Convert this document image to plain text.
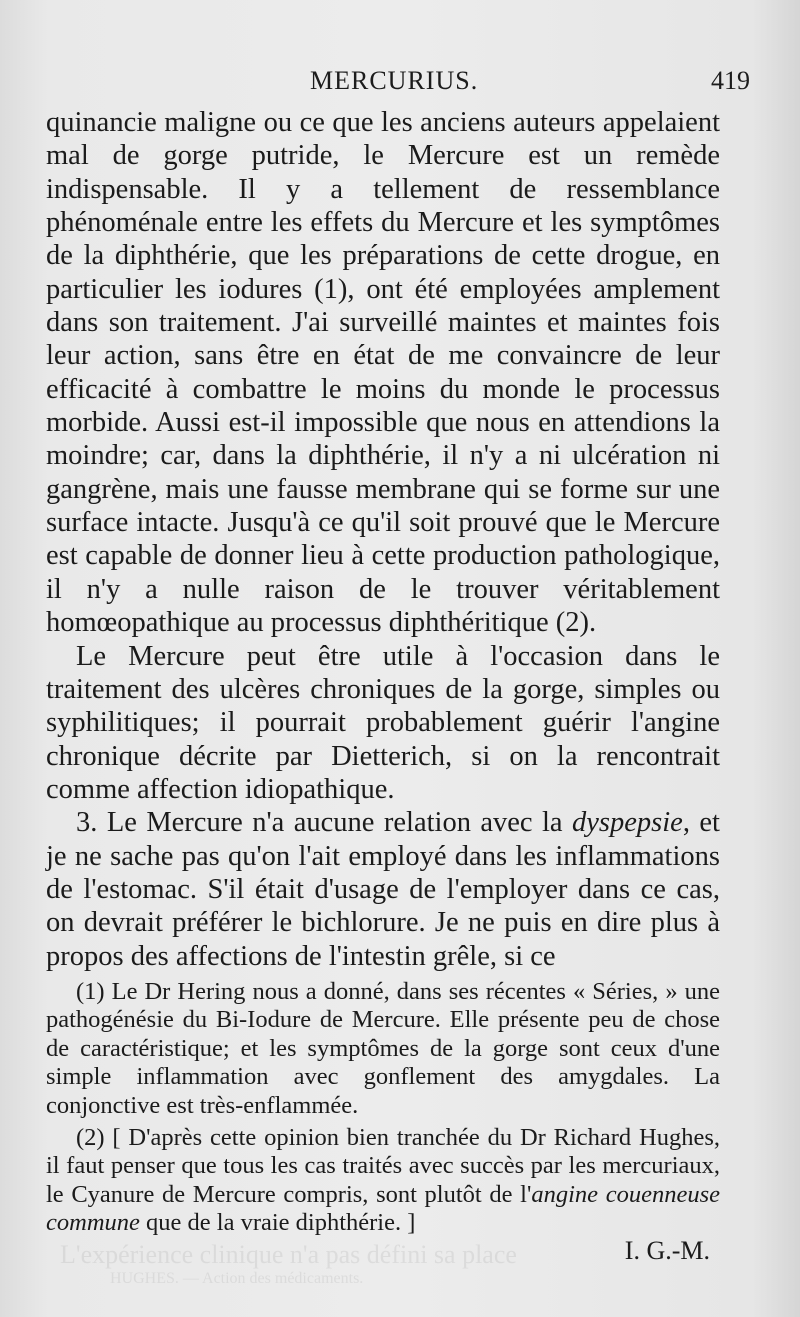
L'expérience clinique n'a pas défini sa place
HUGHES. — Action des médicaments.
MERCURIUS.	419

quinancie maligne ou ce que les anciens auteurs appelaient mal de gorge putride, le Mercure est un remède indispensable. Il y a tellement de ressemblance phénoménale entre les effets du Mercure et les symptômes de la diphthérie, que les préparations de cette drogue, en particulier les iodures (1), ont été employées amplement dans son traitement. J'ai surveillé maintes et maintes fois leur action, sans être en état de me convaincre de leur efficacité à combattre le moins du monde le processus morbide. Aussi est-il impossible que nous en attendions la moindre; car, dans la diphthérie, il n'y a ni ulcération ni gangrène, mais une fausse membrane qui se forme sur une surface intacte. Jusqu'à ce qu'il soit prouvé que le Mercure est capable de donner lieu à cette production pathologique, il n'y a nulle raison de le trouver véritablement homœopathique au processus diphthéritique (2).

Le Mercure peut être utile à l'occasion dans le traitement des ulcères chroniques de la gorge, simples ou syphilitiques; il pourrait probablement guérir l'angine chronique décrite par Dietterich, si on la rencontrait comme affection idiopathique.

3. Le Mercure n'a aucune relation avec la dyspepsie, et je ne sache pas qu'on l'ait employé dans les inflammations de l'estomac. S'il était d'usage de l'employer dans ce cas, on devrait préférer le bichlorure. Je ne puis en dire plus à propos des affections de l'intestin grêle, si ce

(1) Le Dr Hering nous a donné, dans ses récentes « Séries, » une pathogénésie du Bi-Iodure de Mercure. Elle présente peu de chose de caractéristique; et les symptômes de la gorge sont ceux d'une simple inflammation avec gonflement des amygdales. La conjonctive est très-enflammée.

(2) [ D'après cette opinion bien tranchée du Dr Richard Hughes, il faut penser que tous les cas traités avec succès par les mercuriaux, le Cyanure de Mercure compris, sont plutôt de l'angine couenneuse commune que de la vraie diphthérie. ]

I. G.-M.
